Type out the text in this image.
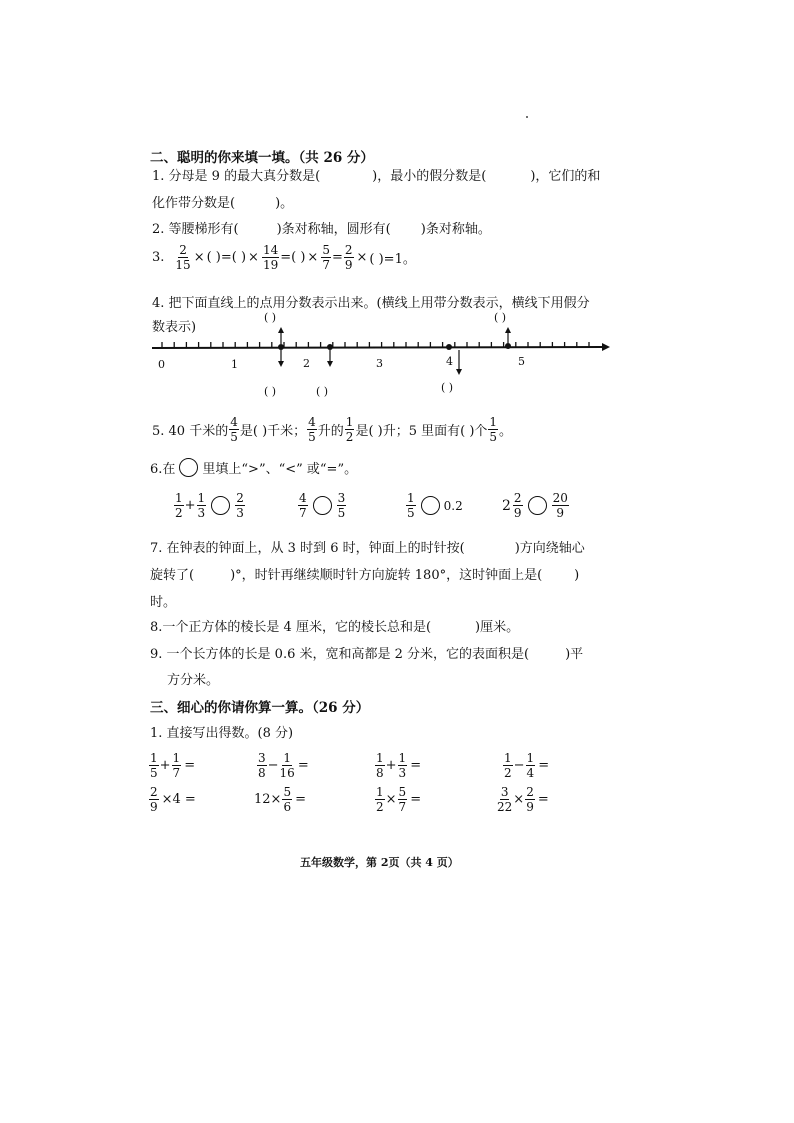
二、聪明的你来填一填。（共 26 分）
1. 分母是 9 的最大真分数是(	)，最小的假分数是(	)，它们的和
化作带分数是(	)。
2. 等腰梯形有(	)条对称轴，圆形有( )条对称轴。
3. $\frac{2}{15}$ × ( )=( ) × $\frac{14}{19}$ =( ) × $\frac{5}{7} = \frac{2}{9}$ × ( )=1。
4. 把下面直线上的点用分数表示出来。(横线上用带分数表示，横线下用假分
数表示)
0	1	2	3	4	5
( )	( )
( )	( )	( )
5. 40 千米的 $\frac{4}{5}$ 是( )千米； $\frac{4}{5}$ 升的 $\frac{1}{2}$ 是( )升；5 里面有( )个 $\frac{1}{5}$ 。
6.在 里填上“>”、“<” 或“=”。
$\frac{1}{2} + \frac{1}{3} \frac{2}{3}$	$\frac{4}{7} \frac{3}{5}$	$\frac{1}{5} 0.2$	$2 \frac{2}{9} \frac{20}{9}$
7. 在钟表的钟面上，从 3 时到 6 时，钟面上的时针按(	)方向绕轴心
旋转了(	)°，时针再继续顺时针方向旋转 180°，这时钟面上是( )
时。
8.一个正方体的棱长是 4 厘米，它的棱长总和是(	)厘米。
9. 一个长方体的长是 0.6 米，宽和高都是 2 分米，它的表面积是(	)平
方分米。
三、细心的你请你算一算。（26 分）
1. 直接写出得数。(8 分)
$\frac{1}{5} + \frac{1}{7}$ =	$\frac{3}{8} - \frac{1}{16}$ =	$\frac{1}{8} + \frac{1}{3}$ =	$\frac{1}{2} - \frac{1}{4}$ =
$\frac{2}{9} \times 4$ =	$12\times \frac{5}{6}$ =	$\frac{1}{2} \times \frac{5}{7}$ =	$\frac{3}{22} \times \frac{2}{9}$ =
五年级数学，第 2页（共 4 页）
